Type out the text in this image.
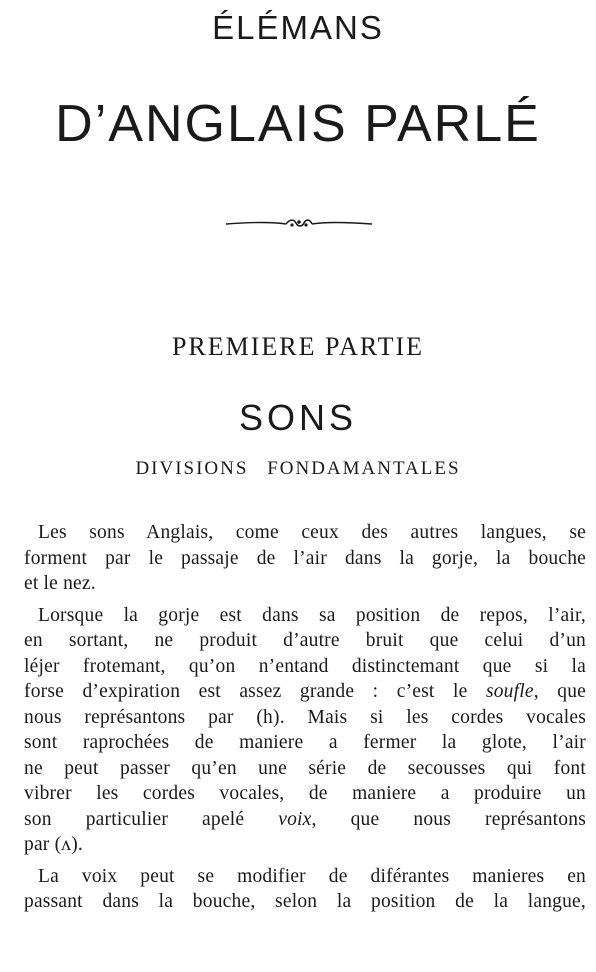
ÉLÉMANS
D’ANGLAIS PARLÉ
PREMIERE PARTIE
SONS
DIVISIONS FONDAMANTALES

Les sons Anglais, come ceux des autres langues, se
forment par le passaje de l’air dans la gorje, la bouche
et le nez.

Lorsque la gorje est dans sa position de repos, l’air,
en sortant, ne produit d’autre bruit que celui d’un
léjer frotemant, qu’on n’entand distinctemant que si la
forse d’expiration est assez grande : c’est le soufle, que
nous représantons par (h). Mais si les cordes vocales
sont raprochées de maniere a fermer la glote, l’air
ne peut passer qu’en une série de secousses qui font
vibrer les cordes vocales, de maniere a produire un
son particulier apelé voix, que nous représantons
par (ʌ).

La voix peut se modifier de diférantes manieres en
passant dans la bouche, selon la position de la langue,
